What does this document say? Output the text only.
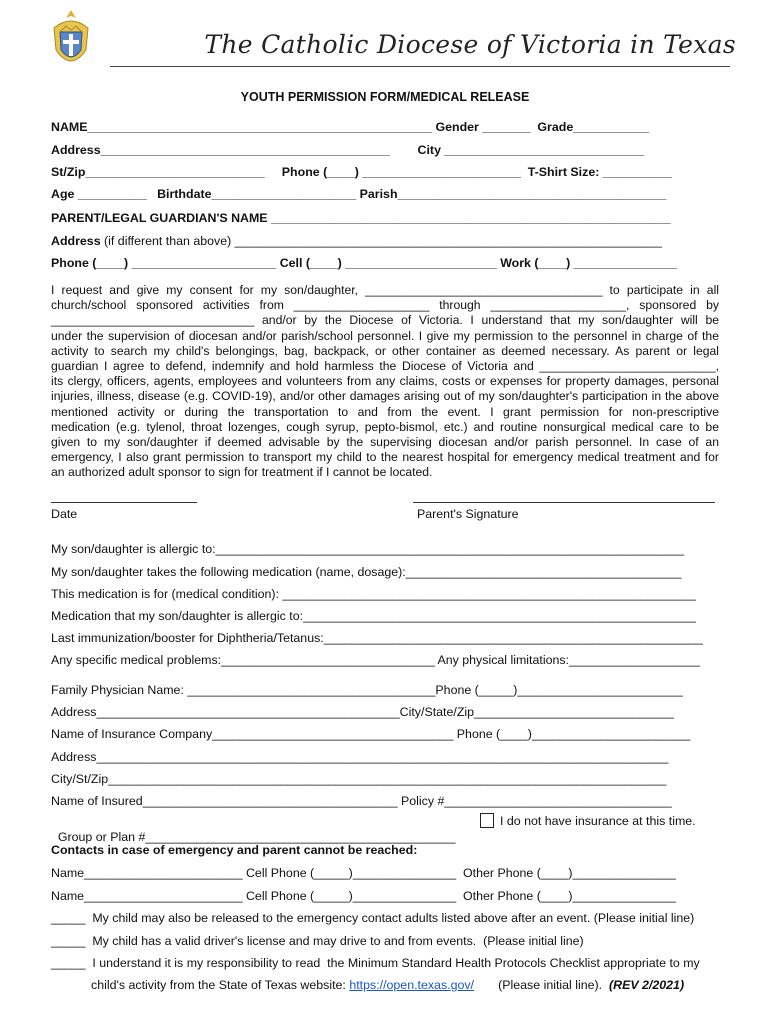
The Catholic Diocese of Victoria in Texas
YOUTH PERMISSION FORM/MEDICAL RELEASE
NAME__________________________________________________ Gender _______  Grade___________
Address__________________________________________        City _____________________________
St/Zip__________________________     Phone (____) _______________________  T-Shirt Size: __________
Age __________   Birthdate_____________________ Parish_______________________________________
PARENT/LEGAL GUARDIAN'S NAME __________________________________________________________
Address (if different than above) ______________________________________________________________
Phone (____) _____________________ Cell (____) ______________________ Work (____) _______________

I request and give my consent for my son/daughter, ___________________________________ to participate in all

church/school sponsored activities from ____________________ through ____________________, sponsored by

______________________________ and/or by the Diocese of Victoria. I understand that my son/daughter will be

under the supervision of diocesan and/or parish/school personnel. I give my permission to the personnel in charge of the

activity to search my child's belongings, bag, backpack, or other container as deemed necessary. As parent or legal

guardian I agree to defend, indemnify and hold harmless the Diocese of Victoria and __________________________,

its clergy, officers, agents, employees and volunteers from any claims, costs or expenses for property damages, personal

injuries, illness, disease (e.g. COVID-19), and/or other damages arising out of my son/daughter's participation in the above

mentioned activity or during the transportation to and from the event. I grant permission for non-prescriptive

medication (e.g. tylenol, throat lozenges, cough syrup, pepto-bismol, etc.) and routine nonsurgical medical care to be

given to my son/daughter if deemed advisable by the supervising diocesan and/or parish personnel. In case of an

emergency, I also grant permission to transport my child to the nearest hospital for emergency medical treatment and for

an authorized adult sponsor to sign for treatment if I cannot be located.

Date	Parent's Signature
My son/daughter is allergic to:____________________________________________________________________
My son/daughter takes the following medication (name, dosage):________________________________________
This medication is for (medical condition): ____________________________________________________________
Medication that my son/daughter is allergic to:_________________________________________________________
Last immunization/booster for Diphtheria/Tetanus:_______________________________________________________
Any specific medical problems:_______________________________ Any physical limitations:___________________
Family Physician Name: ____________________________________Phone (_____)________________________
Address____________________________________________City/State/Zip_____________________________
Name of Insurance Company___________________________________ Phone (____)_______________________
Address___________________________________________________________________________________
City/St/Zip_________________________________________________________________________________
Name of Insured_____________________________________ Policy #_________________________________

Group or Plan #_____________________________________________

I do not have insurance at this time.
Contacts in case of emergency and parent cannot be reached:
Name_______________________ Cell Phone (_____)_______________  Other Phone (____)_______________
Name_______________________ Cell Phone (_____)_______________  Other Phone (____)_______________
_____  My child may also be released to the emergency contact adults listed above after an event. (Please initial line)
_____  My child has a valid driver's license and may drive to and from events.  (Please initial line)
_____  I understand it is my responsibility to read  the Minimum Standard Health Protocols Checklist appropriate to my
child's activity from the State of Texas website: https://open.texas.gov/       (Please initial line).  (REV 2/2021)
